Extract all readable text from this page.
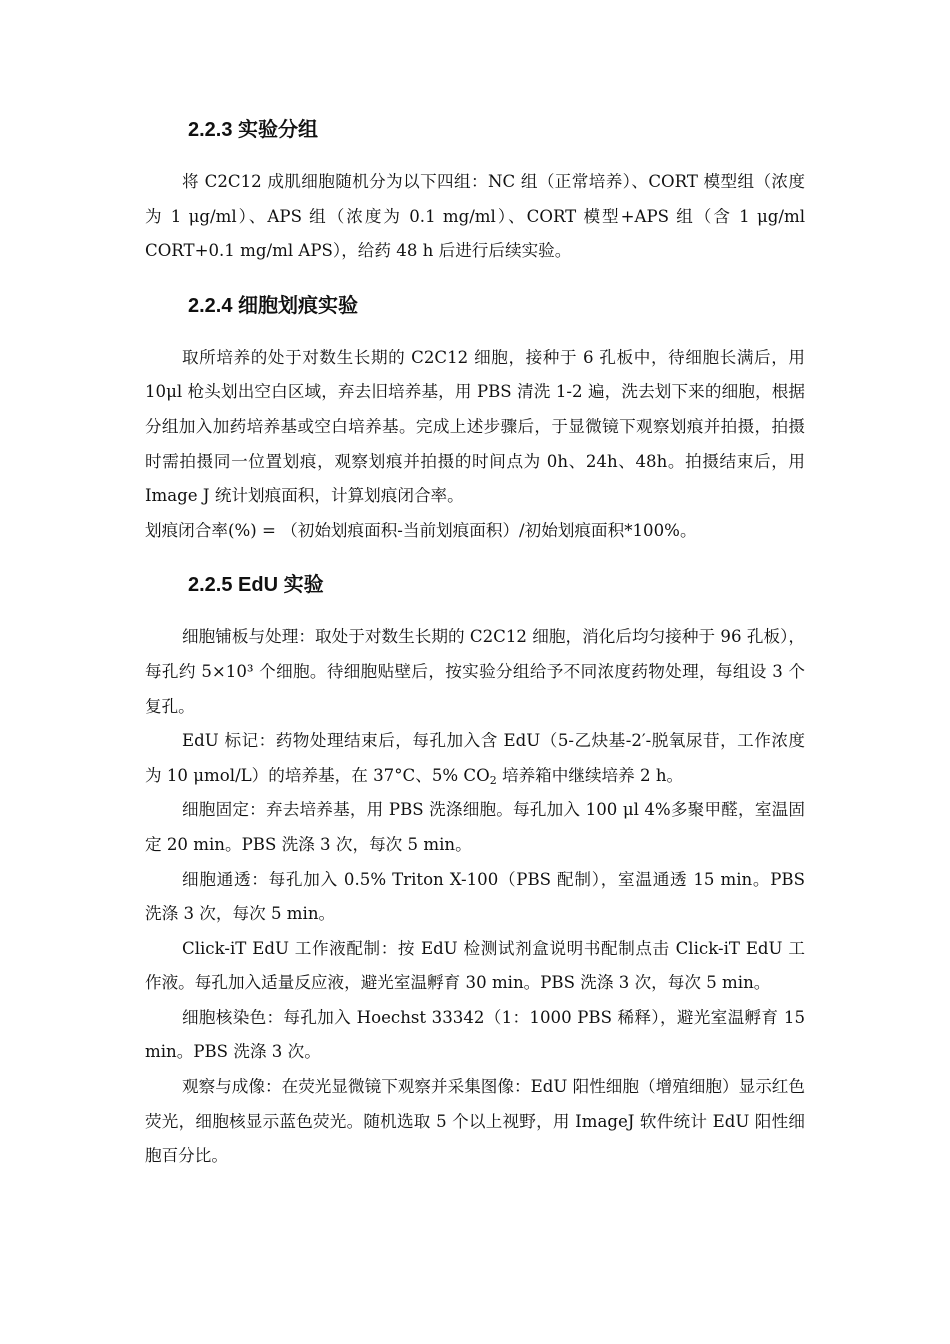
2.2.3 实验分组

将 C2C12 成肌细胞随机分为以下四组：NC 组（正常培养）、CORT 模型组（浓度为 1 μg/ml）、APS 组（浓度为 0.1 mg/ml）、CORT 模型+APS 组（含 1 μg/ml CORT+0.1 mg/ml APS），给药 48 h 后进行后续实验。

2.2.4 细胞划痕实验

取所培养的处于对数生长期的 C2C12 细胞，接种于 6 孔板中，待细胞长满后，用 10μl 枪头划出空白区域，弃去旧培养基，用 PBS 清洗 1-2 遍，洗去划下来的细胞，根据分组加入加药培养基或空白培养基。完成上述步骤后，于显微镜下观察划痕并拍摄，拍摄时需拍摄同一位置划痕，观察划痕并拍摄的时间点为 0h、24h、48h。拍摄结束后，用 Image J 统计划痕面积，计算划痕闭合率。

划痕闭合率(%) = （初始划痕面积-当前划痕面积）/初始划痕面积*100%。

2.2.5 EdU 实验

细胞铺板与处理：取处于对数生长期的 C2C12 细胞，消化后均匀接种于 96 孔板），每孔约 5×10³ 个细胞。待细胞贴壁后，按实验分组给予不同浓度药物处理，每组设 3 个复孔。

EdU 标记：药物处理结束后，每孔加入含 EdU（5-乙炔基-2′-脱氧尿苷，工作浓度为 10 μmol/L）的培养基，在 37°C、5% $CO_2$ 培养箱中继续培养 2 h。

细胞固定：弃去培养基，用 PBS 洗涤细胞。每孔加入 100 μl 4%多聚甲醛，室温固定 20 min。PBS 洗涤 3 次，每次 5 min。

细胞通透：每孔加入 0.5% Triton X-100（PBS 配制），室温通透 15 min。PBS 洗涤 3 次，每次 5 min。

Click-iT EdU 工作液配制：按 EdU 检测试剂盒说明书配制点击 Click-iT EdU 工作液。每孔加入适量反应液，避光室温孵育 30 min。PBS 洗涤 3 次，每次 5 min。

细胞核染色：每孔加入 Hoechst 33342（1：1000 PBS 稀释），避光室温孵育 15 min。PBS 洗涤 3 次。

观察与成像：在荧光显微镜下观察并采集图像：EdU 阳性细胞（增殖细胞）显示红色荧光，细胞核显示蓝色荧光。随机选取 5 个以上视野，用 ImageJ 软件统计 EdU 阳性细胞百分比。
